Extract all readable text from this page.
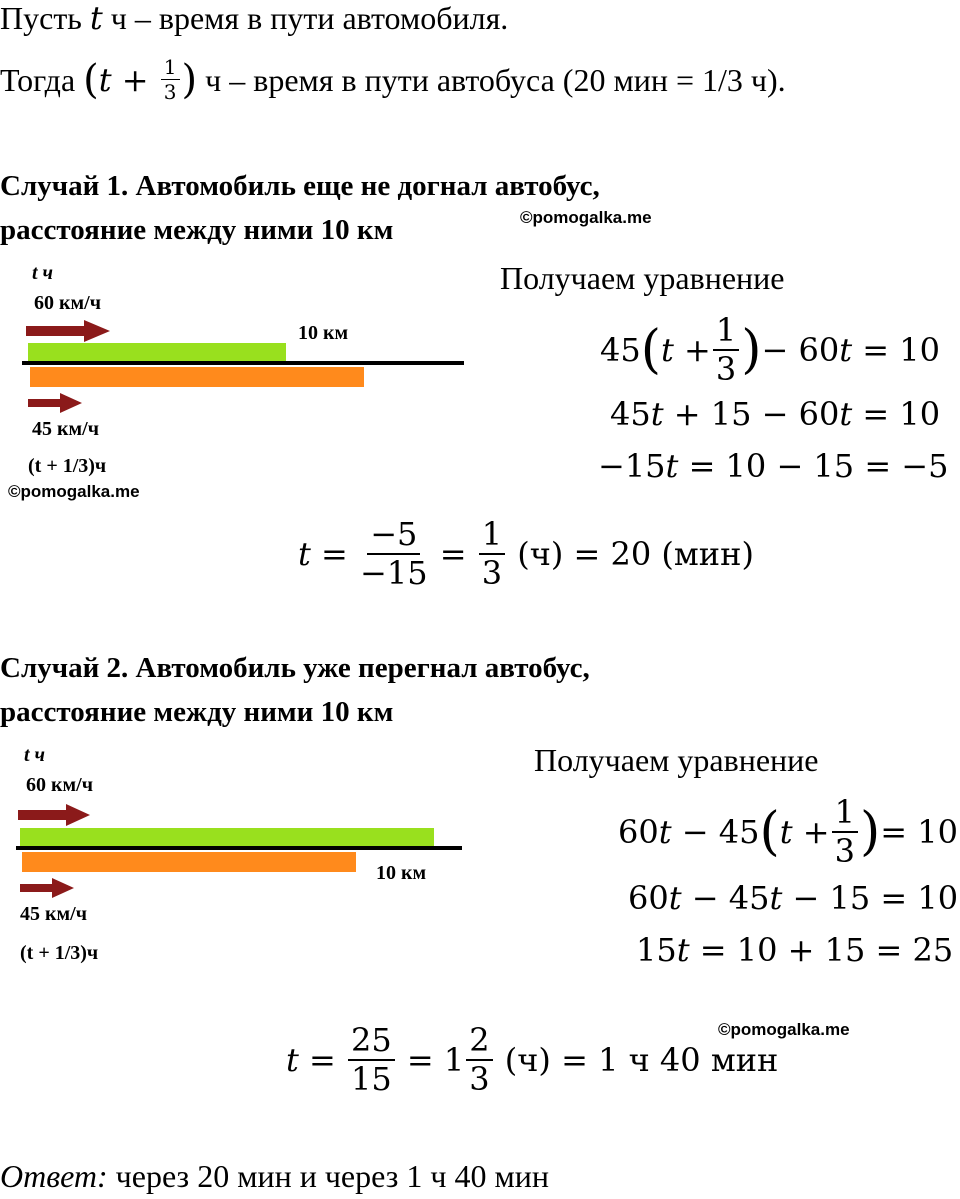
Пусть t ч – время в пути автомобиля.
Тогда
( t
+
$\frac{1}{3}$ )
ч – время в пути автобуса (20 мин = 1/3 ч).
Случай 1. Автомобиль еще не догнал автобус,
расстояние между ними 10 км	©pomogalka.me
t ч
60 км/ч
10 км
45 км/ч
(t + 1/3)ч
©pomogalka.me
Получаем уравнение
45 ( t
+ $\frac{1}{3}$ ) − 60 t
= 10
45t + 15 − 60t = 10
−15t = 10 − 15 = −5
t
=
$\frac{-5}{-15}$
=
$\frac{1}{3}$
(ч) = 20 (мин)
Случай 2. Автомобиль уже перегнал автобус,
расстояние между ними 10 км
t ч
60 км/ч
10 км
45 км/ч
(t + 1/3)ч
Получаем уравнение
60 t
− 45 ( t
+ $\frac{1}{3}$ ) = 10
60t − 45t − 15 = 10
15t = 10 + 15 = 25
©pomogalka.me
t
=
$\frac{25}{15}$
= $1 \frac{2}{3}$
(ч) = 1 ч 40 мин
Ответ: через 20 мин и через 1 ч 40 мин
